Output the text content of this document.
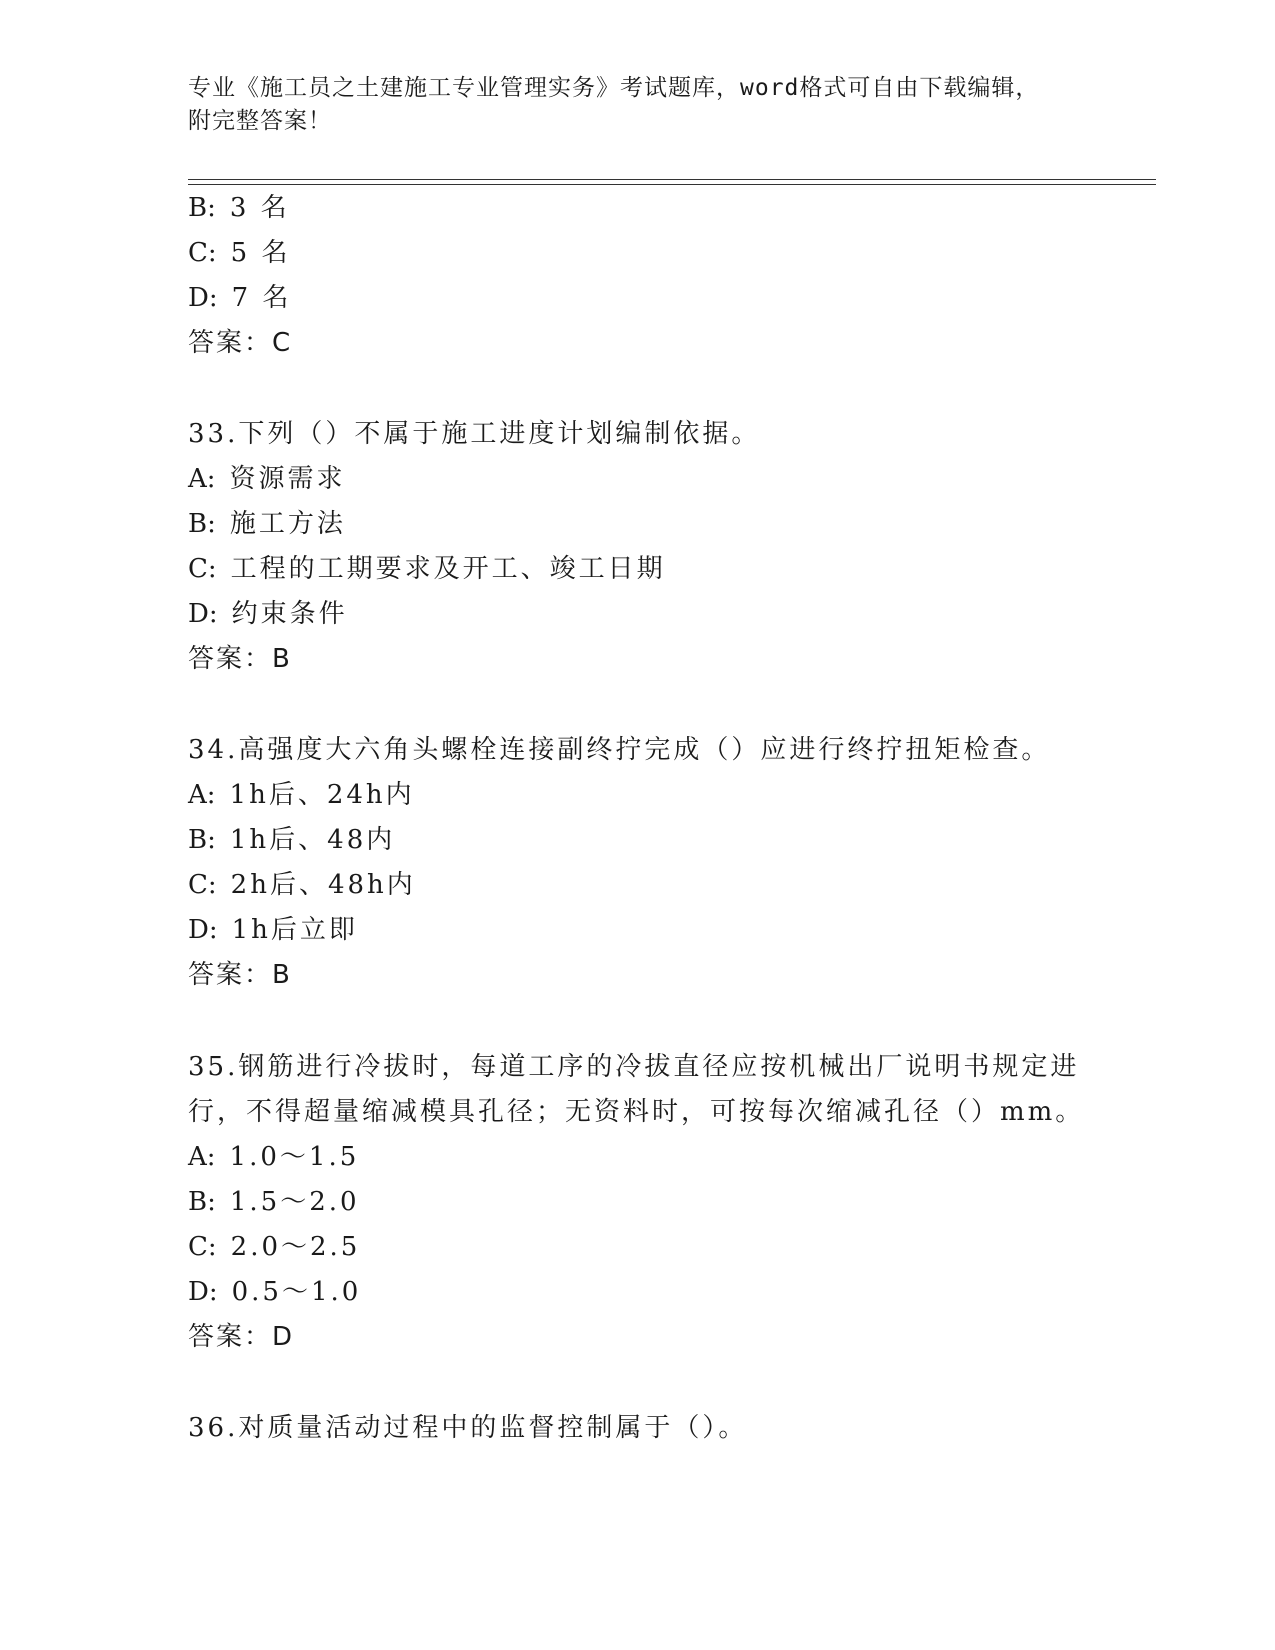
专业《施工员之土建施工专业管理实务》考试题库，word格式可自由下载编辑，
附完整答案！
B: 3 名
C: 5 名
D: 7 名
答案：C
33.下列（）不属于施工进度计划编制依据。
A: 资源需求
B: 施工方法
C: 工程的工期要求及开工、竣工日期
D: 约束条件
答案：B
34.高强度大六角头螺栓连接副终拧完成（）应进行终拧扭矩检查。
A: 1h后、24h内
B: 1h后、48内
C: 2h后、48h内
D: 1h后立即
答案：B
35.钢筋进行冷拔时，每道工序的冷拔直径应按机械出厂说明书规定进
行，不得超量缩减模具孔径；无资料时，可按每次缩减孔径（）mm。
A: 1.0～1.5
B: 1.5～2.0
C: 2.0～2.5
D: 0.5～1.0
答案：D
36.对质量活动过程中的监督控制属于（）。
